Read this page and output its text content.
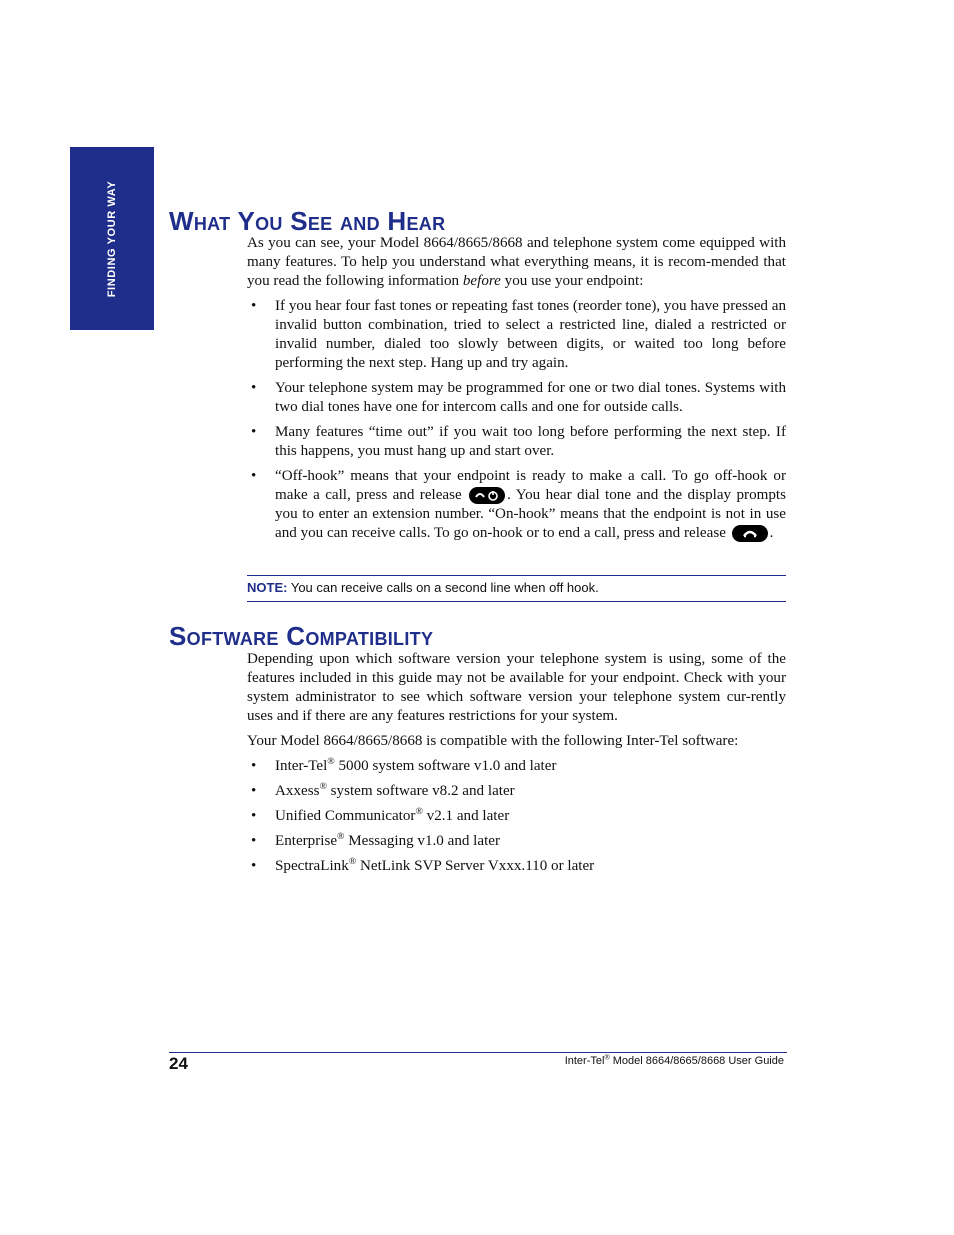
FINDING YOUR WAY What You See and Hear

As you can see, your Model 8664/8665/8668 and telephone system come equipped with many features. To help you understand what everything means, it is recom-mended that you read the following information before you use your endpoint:

• If you hear four fast tones or repeating fast tones (reorder tone), you have pressed an invalid button combination, tried to select a restricted line, dialed a restricted or invalid number, dialed too slowly between digits, or waited too long before performing the next step. Hang up and try again.
• Your telephone system may be programmed for one or two dial tones. Systems with two dial tones have one for intercom calls and one for outside calls.
• Many features “time out” if you wait too long before performing the next step. If this happens, you must hang up and start over.
• “Off-hook” means that your endpoint is ready to make a call. To go off-hook or make a call, press and release	. You hear dial tone and the display prompts you to enter an extension number. “On-hook” means that the endpoint is not in use and you can receive calls. To go on-hook or to end a call, press and release	.
NOTE: You can receive calls on a second line when off hook.
Software Compatibility

Depending upon which software version your telephone system is using, some of the features included in this guide may not be available for your endpoint. Check with your system administrator to see which software version your telephone system cur-rently uses and if there are any features restrictions for your system.

Your Model 8664/8665/8668 is compatible with the following Inter-Tel software:

• Inter-Tel® 5000 system software v1.0 and later
• Axxess® system software v8.2 and later
• Unified Communicator® v2.1 and later
• Enterprise® Messaging v1.0 and later
• SpectraLink® NetLink SVP Server Vxxx.110 or later
24	Inter-Tel® Model 8664/8665/8668 User Guide
